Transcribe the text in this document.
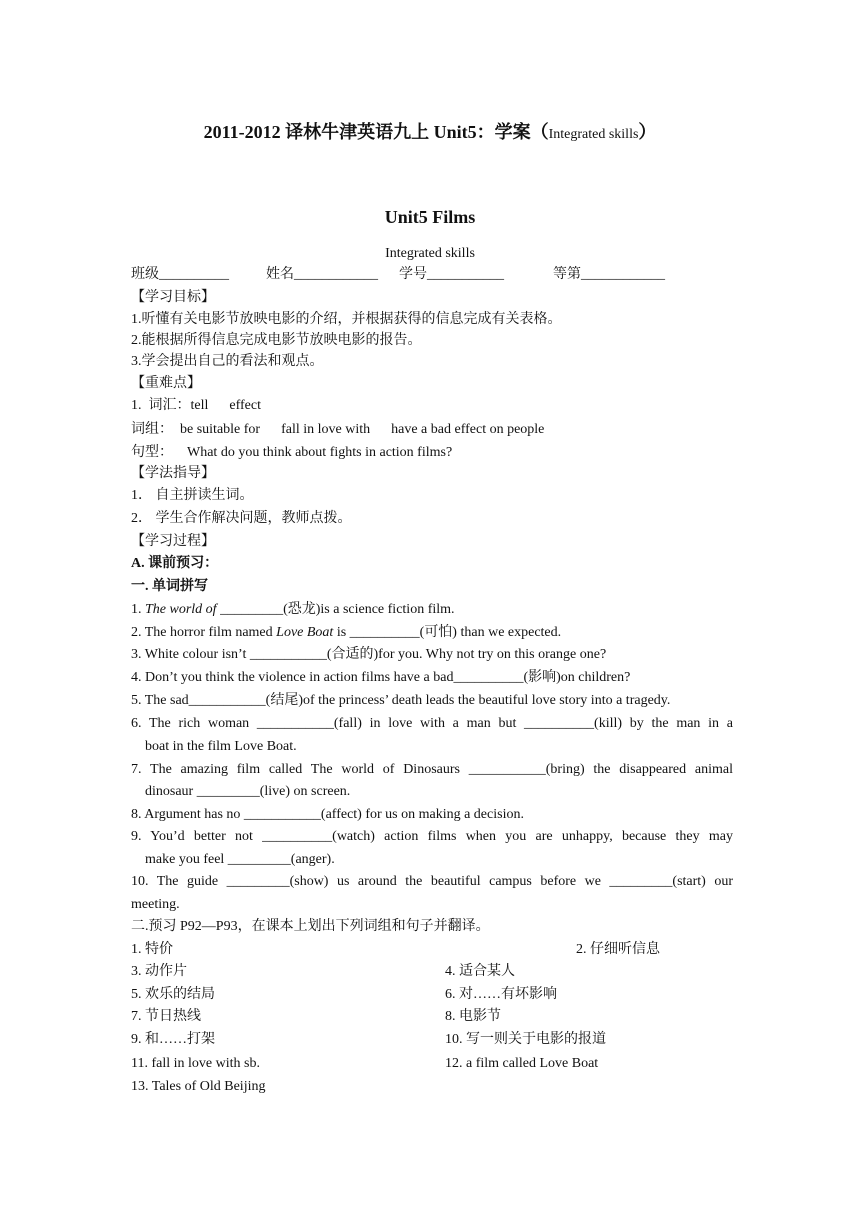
2011-2012 译林牛津英语九上 Unit5：学案（Integrated skills）
Unit5 Films
Integrated skills
班级__________	姓名____________ 学号___________	等第____________
【学习目标】
1.听懂有关电影节放映电影的介绍，并根据获得的信息完成有关表格。
2.能根据所得信息完成电影节放映电影的报告。
3.学会提出自己的看法和观点。
【重难点】
1.  词汇：tell      effect
词组：  be suitable for      fall in love with      have a bad effect on people
句型：    What do you think about fights in action films?
【学法指导】
1． 自主拼读生词。
2． 学生合作解决问题，教师点拨。
【学习过程】
A. 课前预习：
一. 单词拼写
1. The world of _________(恐龙)is a science fiction film.
2. The horror film named Love Boat is __________(可怕) than we expected.
3. White colour isn’t ___________(合适的)for you. Why not try on this orange one?
4. Don’t you think the violence in action films have a bad__________(影响)on children?
5. The sad___________(结尾)of the princess’ death leads the beautiful love story into a tragedy.
6. The rich woman ___________(fall) in love with a man but __________(kill) by the man in a
boat in the film Love Boat.
7. The amazing film called The world of Dinosaurs ___________(bring) the disappeared animal
dinosaur _________(live) on screen.
8. Argument has no ___________(affect) for us on making a decision.
9. You’d better not __________(watch) action films when you are unhappy, because they may
make you feel _________(anger).
10. The guide _________(show) us around the beautiful campus before we _________(start) our
meeting.
二.预习 P92—P93，在课本上划出下列词组和句子并翻译。
1. 特价	2. 仔细听信息
3. 动作片	4. 适合某人
5. 欢乐的结局	6. 对……有坏影响
7. 节日热线	8. 电影节
9. 和……打架	10. 写一则关于电影的报道
11. fall in love with sb.	12. a film called Love Boat
13. Tales of Old Beijing
